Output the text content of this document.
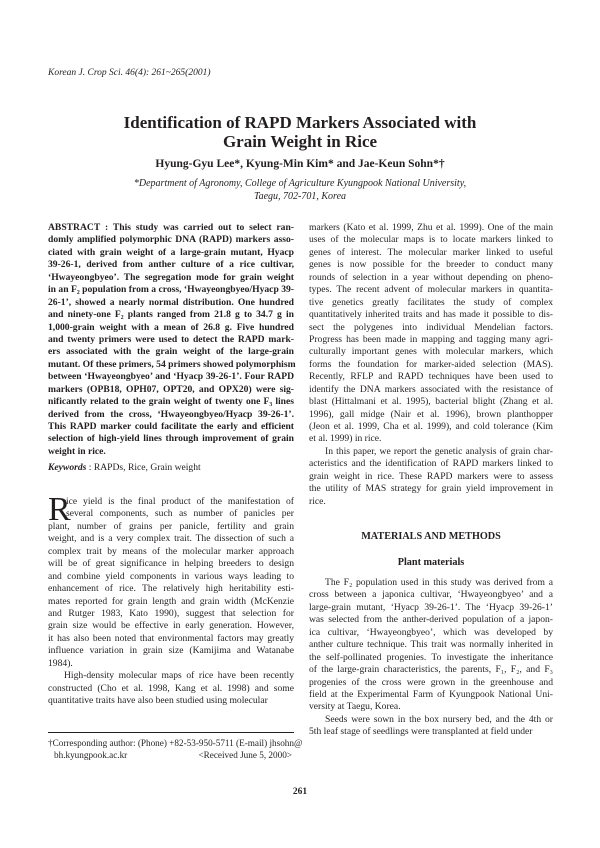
Korean J. Crop Sci. 46(4): 261~265(2001)
Identification of RAPD Markers Associated with
Grain Weight in Rice
Hyung-Gyu Lee*, Kyung-Min Kim* and Jae-Keun Sohn*†
*Department of Agronomy, College of Agriculture Kyungpook National University,
Taegu, 702-701, Korea
ABSTRACT : This study was carried out to select ran-
domly amplified polymorphic DNA (RAPD) markers asso-
ciated with grain weight of a large-grain mutant, Hyacp
39-26-1, derived from anther culture of a rice cultivar,
‘Hwayeongbyeo’. The segregation mode for grain weight
in an F₂ population from a cross, ‘Hwayeongbyeo/Hyacp 39-
26-1’, showed a nearly normal distribution. One hundred
and ninety-one F₂ plants ranged from 21.8 g to 34.7 g in
1,000-grain weight with a mean of 26.8 g. Five hundred
and twenty primers were used to detect the RAPD mark-
ers associated with the grain weight of the large-grain
mutant. Of these primers, 54 primers showed polymorphism
between ‘Hwayeongbyeo’ and ‘Hyacp 39-26-1’. Four RAPD
markers (OPB18, OPH07, OPT20, and OPX20) were sig-
nificantly related to the grain weight of twenty one F₃ lines
derived from the cross, ‘Hwayeongbyeo/Hyacp 39-26-1’.
This RAPD marker could facilitate the early and efficient
selection of high-yield lines through improvement of grain
weight in rice.
Keywords : RAPDs, Rice, Grain weight
R
ice yield is the final product of the manifestation of
several components, such as number of panicles per
plant, number of grains per panicle, fertility and grain
weight, and is a very complex trait. The dissection of such a
complex trait by means of the molecular marker approach
will be of great significance in helping breeders to design
and combine yield components in various ways leading to
enhancement of rice. The relatively high heritability esti-
mates reported for grain length and grain width (McKenzie
and Rutger 1983, Kato 1990), suggest that selection for
grain size would be effective in early generation. However,
it has also been noted that environmental factors may greatly
influence variation in grain size (Kamijima and Watanabe
1984).
High-density molecular maps of rice have been recently
constructed (Cho et al. 1998, Kang et al. 1998) and some
quantitative traits have also been studied using molecular
†Corresponding author: (Phone) +82-53-950-5711 (E-mail) jhsohn@
bh.kyungpook.ac.kr	<Received June 5, 2000>
markers (Kato et al. 1999, Zhu et al. 1999). One of the main
uses of the molecular maps is to locate markers linked to
genes of interest. The molecular marker linked to useful
genes is now possible for the breeder to conduct many
rounds of selection in a year without depending on pheno-
types. The recent advent of molecular markers in quantita-
tive genetics greatly facilitates the study of complex
quantitatively inherited traits and has made it possible to dis-
sect the polygenes into individual Mendelian factors.
Progress has been made in mapping and tagging many agri-
culturally important genes with molecular markers, which
forms the foundation for marker-aided selection (MAS).
Recently, RFLP and RAPD techniques have been used to
identify the DNA markers associated with the resistance of
blast (Hittalmani et al. 1995), bacterial blight (Zhang et al.
1996), gall midge (Nair et al. 1996), brown planthopper
(Jeon et al. 1999, Cha et al. 1999), and cold tolerance (Kim
et al. 1999) in rice.
In this paper, we report the genetic analysis of grain char-
acteristics and the identification of RAPD markers linked to
grain weight in rice. These RAPD markers were to assess
the utility of MAS strategy for grain yield improvement in
rice.
MATERIALS AND METHODS
Plant materials
The F₂ population used in this study was derived from a
cross between a japonica cultivar, ‘Hwayeongbyeo’ and a
large-grain mutant, ‘Hyacp 39-26-1’. The ‘Hyacp 39-26-1’
was selected from the anther-derived population of a japon-
ica cultivar, ‘Hwayeongbyeo’, which was developed by
anther culture technique. This trait was normally inherited in
the self-pollinated progenies. To investigate the inheritance
of the large-grain characteristics, the parents, F₁, F₂, and F₃
progenies of the cross were grown in the greenhouse and
field at the Experimental Farm of Kyungpook National Uni-
versity at Taegu, Korea.
Seeds were sown in the box nursery bed, and the 4th or
5th leaf stage of seedlings were transplanted at field under
261
